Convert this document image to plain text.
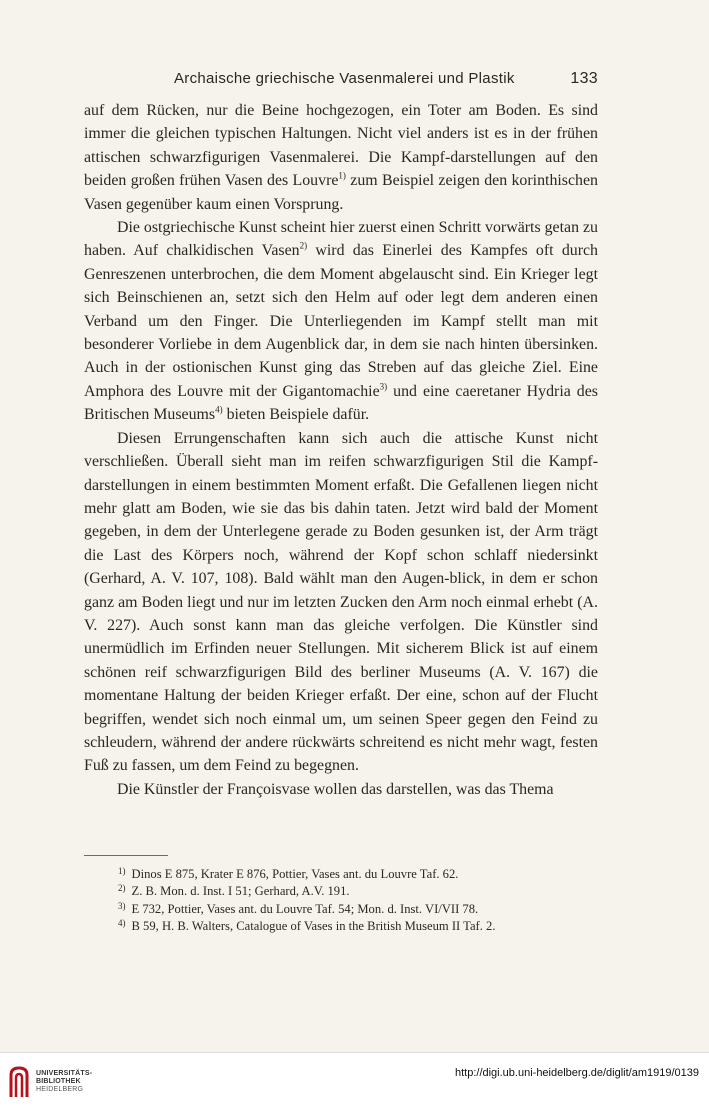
Archaische griechische Vasenmalerei und Plastik	133

auf dem Rücken, nur die Beine hochgezogen, ein Toter am Boden. Es sind immer die gleichen typischen Haltungen. Nicht viel anders ist es in der frühen attischen schwarzfigurigen Vasenmalerei. Die Kampf-darstellungen auf den beiden großen frühen Vasen des Louvre$^{1)}$ zum Beispiel zeigen den korinthischen Vasen gegenüber kaum einen Vorsprung.

Die ostgriechische Kunst scheint hier zuerst einen Schritt vorwärts getan zu haben. Auf chalkidischen Vasen$^{2)}$ wird das Einerlei des Kampfes oft durch Genreszenen unterbrochen, die dem Moment abgelauscht sind. Ein Krieger legt sich Beinschienen an, setzt sich den Helm auf oder legt dem anderen einen Verband um den Finger. Die Unterliegenden im Kampf stellt man mit besonderer Vorliebe in dem Augenblick dar, in dem sie nach hinten übersinken. Auch in der ostionischen Kunst ging das Streben auf das gleiche Ziel. Eine Amphora des Louvre mit der Gigantomachie$^{3)}$ und eine caeretaner Hydria des Britischen Museums$^{4)}$ bieten Beispiele dafür.

Diesen Errungenschaften kann sich auch die attische Kunst nicht verschließen. Überall sieht man im reifen schwarzfigurigen Stil die Kampf-darstellungen in einem bestimmten Moment erfaßt. Die Gefallenen liegen nicht mehr glatt am Boden, wie sie das bis dahin taten. Jetzt wird bald der Moment gegeben, in dem der Unterlegene gerade zu Boden gesunken ist, der Arm trägt die Last des Körpers noch, während der Kopf schon schlaff niedersinkt (Gerhard, A. V. 107, 108). Bald wählt man den Augen-blick, in dem er schon ganz am Boden liegt und nur im letzten Zucken den Arm noch einmal erhebt (A. V. 227). Auch sonst kann man das gleiche verfolgen. Die Künstler sind unermüdlich im Erfinden neuer Stellungen. Mit sicherem Blick ist auf einem schönen reif schwarzfigurigen Bild des berliner Museums (A. V. 167) die momentane Haltung der beiden Krieger erfaßt. Der eine, schon auf der Flucht begriffen, wendet sich noch einmal um, um seinen Speer gegen den Feind zu schleudern, während der andere rückwärts schreitend es nicht mehr wagt, festen Fuß zu fassen, um dem Feind zu begegnen.

Die Künstler der Françoisvase wollen das darstellen, was das Thema

1) Dinos E 875, Krater E 876, Pottier, Vases ant. du Louvre Taf. 62.
2) Z. B. Mon. d. Inst. I 51; Gerhard, A.V. 191.
3) E 732, Pottier, Vases ant. du Louvre Taf. 54; Mon. d. Inst. VI/VII 78.
4) B 59, H. B. Walters, Catalogue of Vases in the British Museum II Taf. 2.
UNIVERSITÄTS-
BIBLIOTHEK
HEIDELBERG
http://digi.ub.uni-heidelberg.de/diglit/am1919/0139
